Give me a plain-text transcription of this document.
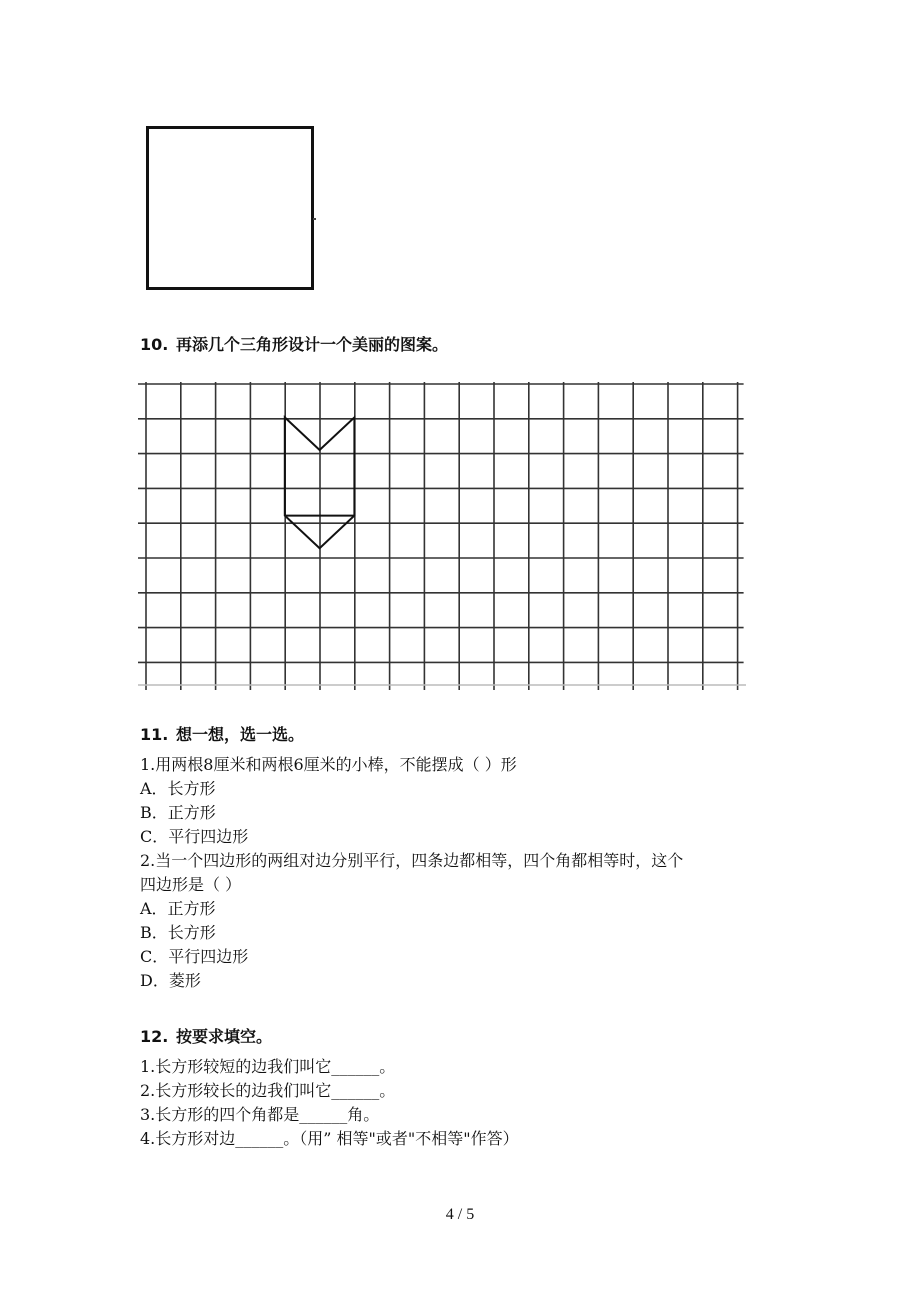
10. 再添几个三角形设计一个美丽的图案。
11. 想一想，选一选。
1.用两根8厘米和两根6厘米的小棒，不能摆成（ ）形
A．长方形
B．正方形
C．平行四边形
2.当一个四边形的两组对边分别平行，四条边都相等，四个角都相等时，这个
四边形是（ ）
A．正方形
B．长方形
C．平行四边形
D．菱形
12. 按要求填空。
1.长方形较短的边我们叫它______。
2.长方形较长的边我们叫它______。
3.长方形的四个角都是______角。
4.长方形对边______。（用” 相等"或者"不相等"作答）
4 / 5
